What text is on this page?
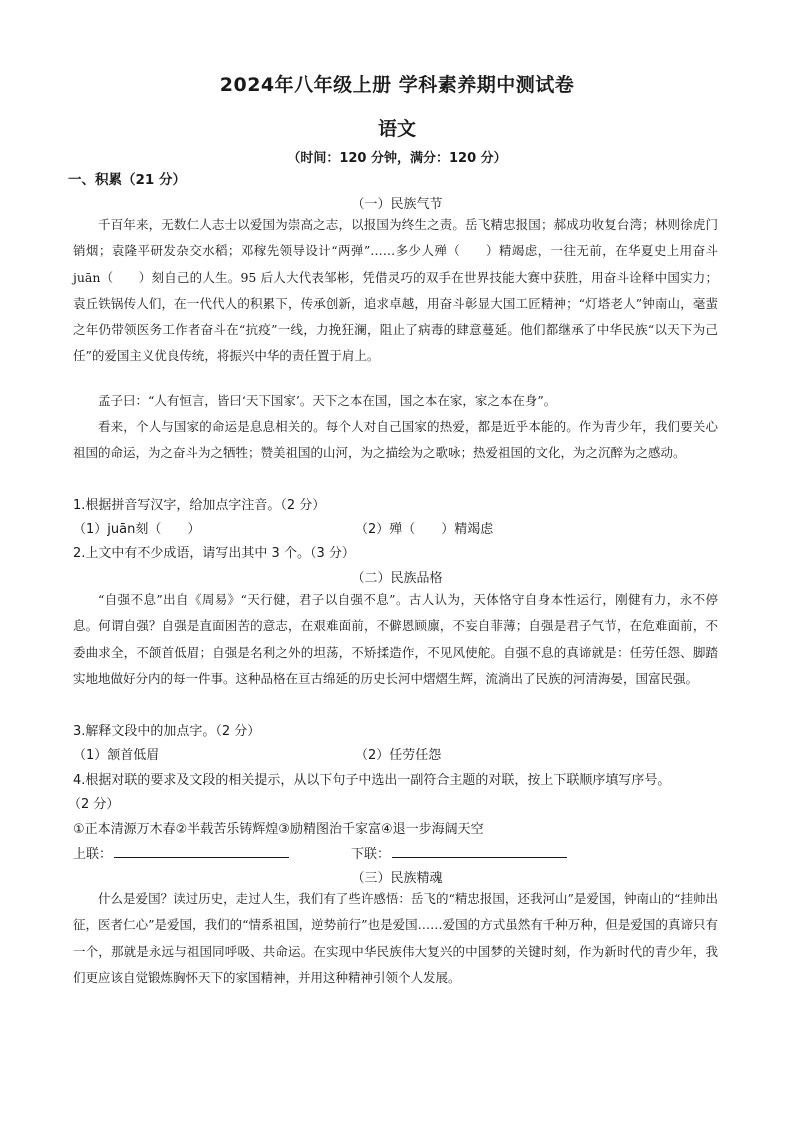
2024年八年级上册 学科素养期中测试卷
语文
（时间：120 分钟，满分：120 分）
一、积累（21 分）
（一）民族气节
千百年来，无数仁人志士以爱国为崇高之志，以报国为终生之责。岳飞精忠报国；郝成功收复台湾；林则徐虎门销烟；袁隆平研发杂交水稻；邓稼先领导设计“两弹”……多少人殚（　　）精竭虑，一往无前，在华夏史上用奋斗 juān（　　）刻自己的人生。95 后人大代表邹彬，凭借灵巧的双手在世界技能大赛中获胜，用奋斗诠释中国实力；袁丘铁锅传人们，在一代代人的积累下，传承创新，追求卓越，用奋斗彰显大国工匠精神；“灯塔老人”钟南山，毫蜚之年仍带领医务工作者奋斗在“抗疫”一线，力挽狂澜，阻止了病毒的肆意蔓延。他们都继承了中华民族“以天下为己任”的爱国主义优良传统，将振兴中华的责任置于肩上。
孟子曰：“人有恒言，皆曰‘天下国家’。天下之本在国，国之本在家，家之本在身”。
看来，个人与国家的命运是息息相关的。每个人对自己国家的热爱，都是近乎本能的。作为青少年，我们要关心祖国的命运，为之奋斗为之牺牲；赞美祖国的山河，为之描绘为之歌咏；热爱祖国的文化，为之沉醉为之感动。
1.根据拼音写汉字，给加点字注音。（2 分）
（1）juān刻（　　）	（2）殚（　　）精竭虑
2.上文中有不少成语，请写出其中 3 个。（3 分）
（二）民族品格
“自强不息”出自《周易》“天行健，君子以自强不息”。古人认为，天体恪守自身本性运行，刚健有力，永不停息。何谓自强？自强是直面困苦的意志，在艰难面前，不僻恩顾廪，不妄自菲薄；自强是君子气节，在危难面前，不委曲求全，不颌首低眉；自强是名利之外的坦荡，不矫揉造作，不见风使舵。自强不息的真谛就是：任劳任怨、脚踏实地地做好分内的每一件事。这种品格在亘古绵延的历史长河中熠熠生辉，流淌出了民族的河清海晏，国富民强。
3.解释文段中的加点字。（2 分）
（1）颔首低眉	（2）任劳任怨
4.根据对联的要求及文段的相关提示，从以下句子中选出一副符合主题的对联，按上下联顺序填写序号。
（2 分）
①正本清源万木春②半载苦乐铸辉煌③励精图治千家富④退一步海阔天空
上联：	下联：
（三）民族精魂
什么是爱国？读过历史，走过人生，我们有了些许感悟：岳飞的“精忠报国，还我河山”是爱国，钟南山的“挂帅出征，医者仁心”是爱国，我们的“情系祖国，逆势前行”也是爱国……爱国的方式虽然有千种万种，但是爱国的真谛只有一个，那就是永远与祖国同呼吸、共命运。在实现中华民族伟大复兴的中国梦的关键时刻，作为新时代的青少年，我们更应该自觉锻炼胸怀天下的家国精神，并用这种精神引领个人发展。
